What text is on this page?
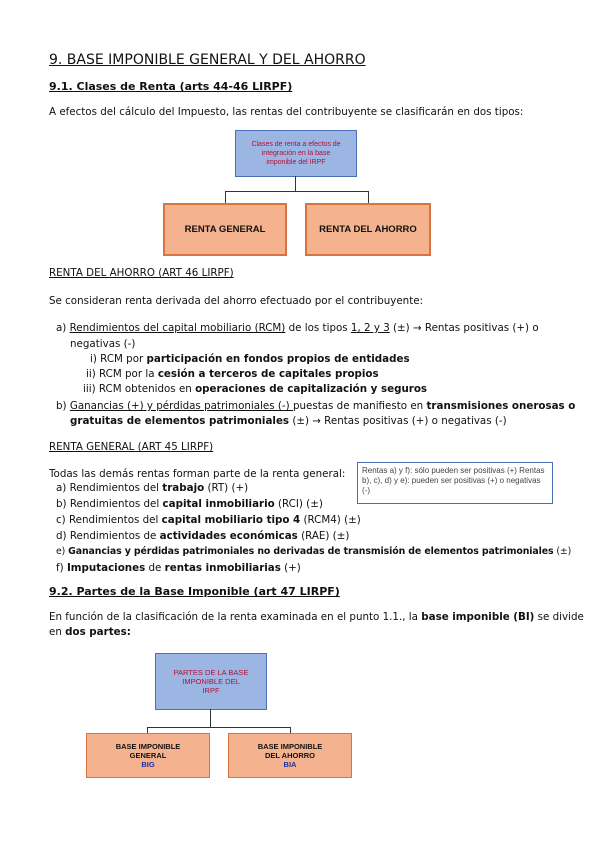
9. BASE IMPONIBLE GENERAL Y DEL AHORRO
9.1. Clases de Renta (arts 44-46 LIRPF)
A efectos del cálculo del Impuesto, las rentas del contribuyente se clasificarán en dos tipos:
Clases de renta a efectos de integración en la base imponible del IRPF
RENTA GENERAL	RENTA DEL AHORRO
RENTA DEL AHORRO (ART 46 LIRPF)
Se consideran renta derivada del ahorro efectuado por el contribuyente:
a) Rendimientos del capital mobiliario (RCM) de los tipos 1, 2 y 3 (±) → Rentas positivas (+) o
negativas (-)
i) RCM por participación en fondos propios de entidades
ii) RCM por la cesión a terceros de capitales propios
iii) RCM obtenidos en operaciones de capitalización y seguros
b) Ganancias (+) y pérdidas patrimoniales (-) puestas de manifiesto en transmisiones onerosas o
gratuitas de elementos patrimoniales (±) → Rentas positivas (+) o negativas (-)
RENTA GENERAL (ART 45 LIRPF)
Todas las demás rentas forman parte de la renta general:	Rentas a) y f): sólo pueden ser positivas (+) Rentas b), c), d) y e): pueden ser positivas (+) o negativas (-)
a) Rendimientos del trabajo (RT) (+)
b) Rendimientos del capital inmobiliario (RCI) (±)
c) Rendimientos del capital mobiliario tipo 4 (RCM4) (±)
d) Rendimientos de actividades económicas (RAE) (±)
e) Ganancias y pérdidas patrimoniales no derivadas de transmisión de elementos patrimoniales (±)
f) Imputaciones de rentas inmobiliarias (+)
9.2. Partes de la Base Imponible (art 47 LIRPF)
En función de la clasificación de la renta examinada en el punto 1.1., la base imponible (BI) se divide
en dos partes:
PARTES DE LA BASE IMPONIBLE DEL IRPF
BASE IMPONIBLE
GENERAL
BIG
BASE IMPONIBLE
DEL AHORRO
BIA
